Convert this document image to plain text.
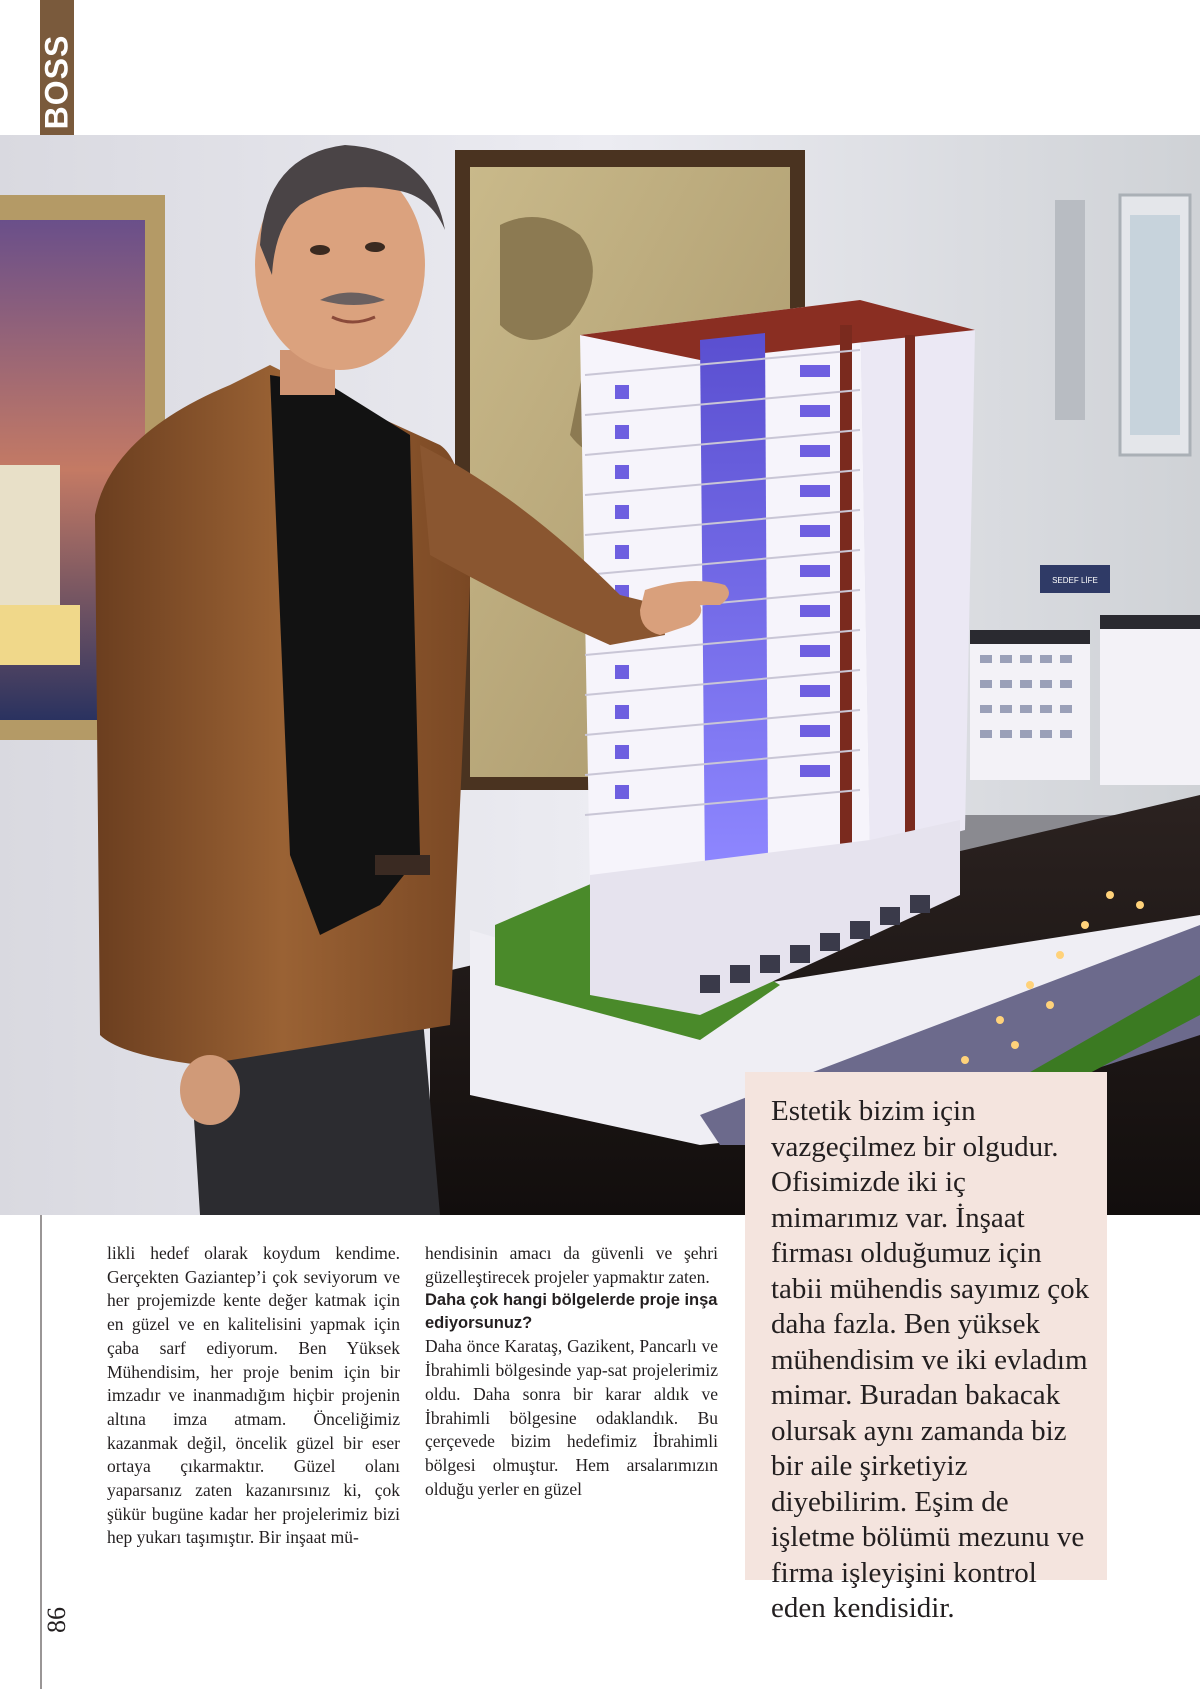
BOSS
86
SEDEF LİFE

likli hedef olarak koydum kendime. Gerçekten Gaziantep’i çok seviyorum ve her projemizde kente değer katmak için en güzel ve en kalitelisini yapmak için çaba sarf ediyorum. Ben Yüksek Mühendisim, her proje benim için bir imzadır ve inanmadığım hiçbir projenin altına imza atmam. Önceliğimiz kazanmak değil, öncelik güzel bir eser ortaya çıkarmaktır. Güzel olanı yaparsanız zaten kazanırsınız ki, çok şükür bugüne kadar her projelerimiz bizi hep yukarı taşımıştır. Bir inşaat mü-

hendisinin amacı da güvenli ve şehri güzelleştirecek projeler yapmaktır zaten.

Daha çok hangi bölgelerde proje inşa ediyorsunuz?

Daha önce Karataş, Gazikent, Pancarlı ve İbrahimli bölgesinde yap-sat projelerimiz oldu. Daha sonra bir karar aldık ve İbrahimli bölgesine odaklandık. Bu çerçevede bizim hedefimiz İbrahimli bölgesi olmuştur. Hem arsalarımızın olduğu yerler en güzel

Estetik bizim için vazgeçilmez bir olgudur. Ofisimizde iki iç mimarımız var. İnşaat firması olduğumuz için tabii mühendis sayımız çok daha fazla. Ben yüksek mühendisim ve iki evladım mimar. Buradan bakacak olursak aynı zamanda biz bir aile şirketiyiz diyebilirim. Eşim de işletme bölümü mezunu ve firma işleyişini kontrol eden kendisidir.
